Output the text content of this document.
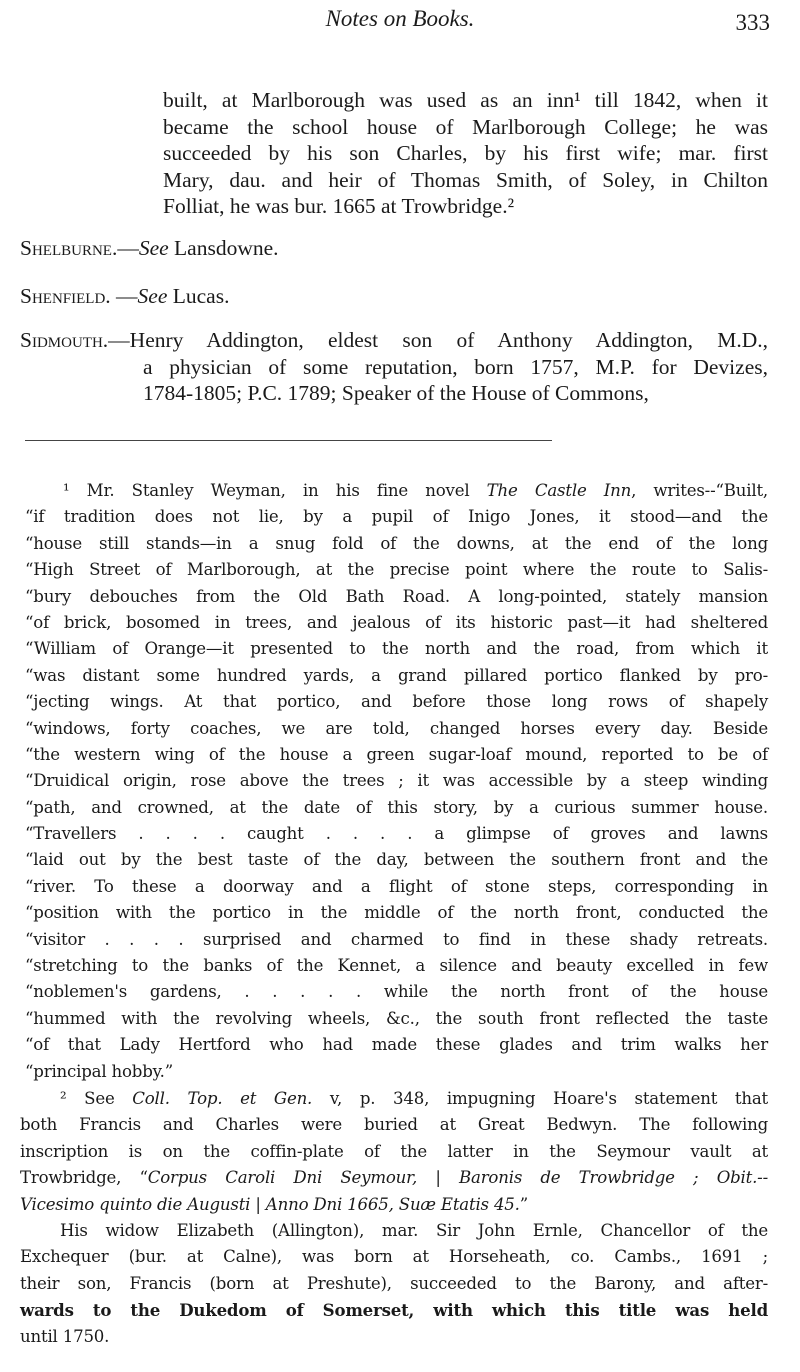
Notes on Books.	333
built, at Marlborough was used as an inn¹ till 1842, when it
became the school house of Marlborough College; he was
succeeded by his son Charles, by his first wife; mar. first
Mary, dau. and heir of Thomas Smith, of Soley, in Chilton
Folliat, he was bur. 1665 at Trowbridge.²
Shelburne.—See Lansdowne.
Shenfield. —See Lucas.
Sidmouth.—Henry Addington, eldest son of Anthony Addington, M.D.,
a physician of some reputation, born 1757, M.P. for Devizes,
1784-1805; P.C. 1789; Speaker of the House of Commons,
¹ Mr. Stanley Weyman, in his fine novel The Castle Inn, writes--“Built,
“if tradition does not lie, by a pupil of Inigo Jones, it stood—and the
“house still stands—in a snug fold of the downs, at the end of the long
“High Street of Marlborough, at the precise point where the route to Salis-
“bury debouches from the Old Bath Road. A long-pointed, stately mansion
“of brick, bosomed in trees, and jealous of its historic past—it had sheltered
“William of Orange—it presented to the north and the road, from which it
“was distant some hundred yards, a grand pillared portico flanked by pro-
“jecting wings. At that portico, and before those long rows of shapely
“windows, forty coaches, we are told, changed horses every day. Beside
“the western wing of the house a green sugar-loaf mound, reported to be of
“Druidical origin, rose above the trees ; it was accessible by a steep winding
“path, and crowned, at the date of this story, by a curious summer house.
“Travellers . . . . caught . . . . a glimpse of groves and lawns
“laid out by the best taste of the day, between the southern front and the
“river. To these a doorway and a flight of stone steps, corresponding in
“position with the portico in the middle of the north front, conducted the
“visitor . . . . surprised and charmed to find in these shady retreats.
“stretching to the banks of the Kennet, a silence and beauty excelled in few
“noblemen's gardens, . . . . . while the north front of the house
“hummed with the revolving wheels, &c., the south front reflected the taste
“of that Lady Hertford who had made these glades and trim walks her
“principal hobby.”
² See Coll. Top. et Gen. v, p. 348, impugning Hoare's statement that
both Francis and Charles were buried at Great Bedwyn. The following
inscription is on the coffin-plate of the latter in the Seymour vault at
Trowbridge, “Corpus Caroli Dni Seymour, | Baronis de Trowbridge ; Obit.--
Vicesimo quinto die Augusti | Anno Dni 1665, Suæ Etatis 45.”
His widow Elizabeth (Allington), mar. Sir John Ernle, Chancellor of the
Exchequer (bur. at Calne), was born at Horseheath, co. Cambs., 1691 ;
their son, Francis (born at Preshute), succeeded to the Barony, and after-
wards to the Dukedom of Somerset, with which this title was held
until 1750.
